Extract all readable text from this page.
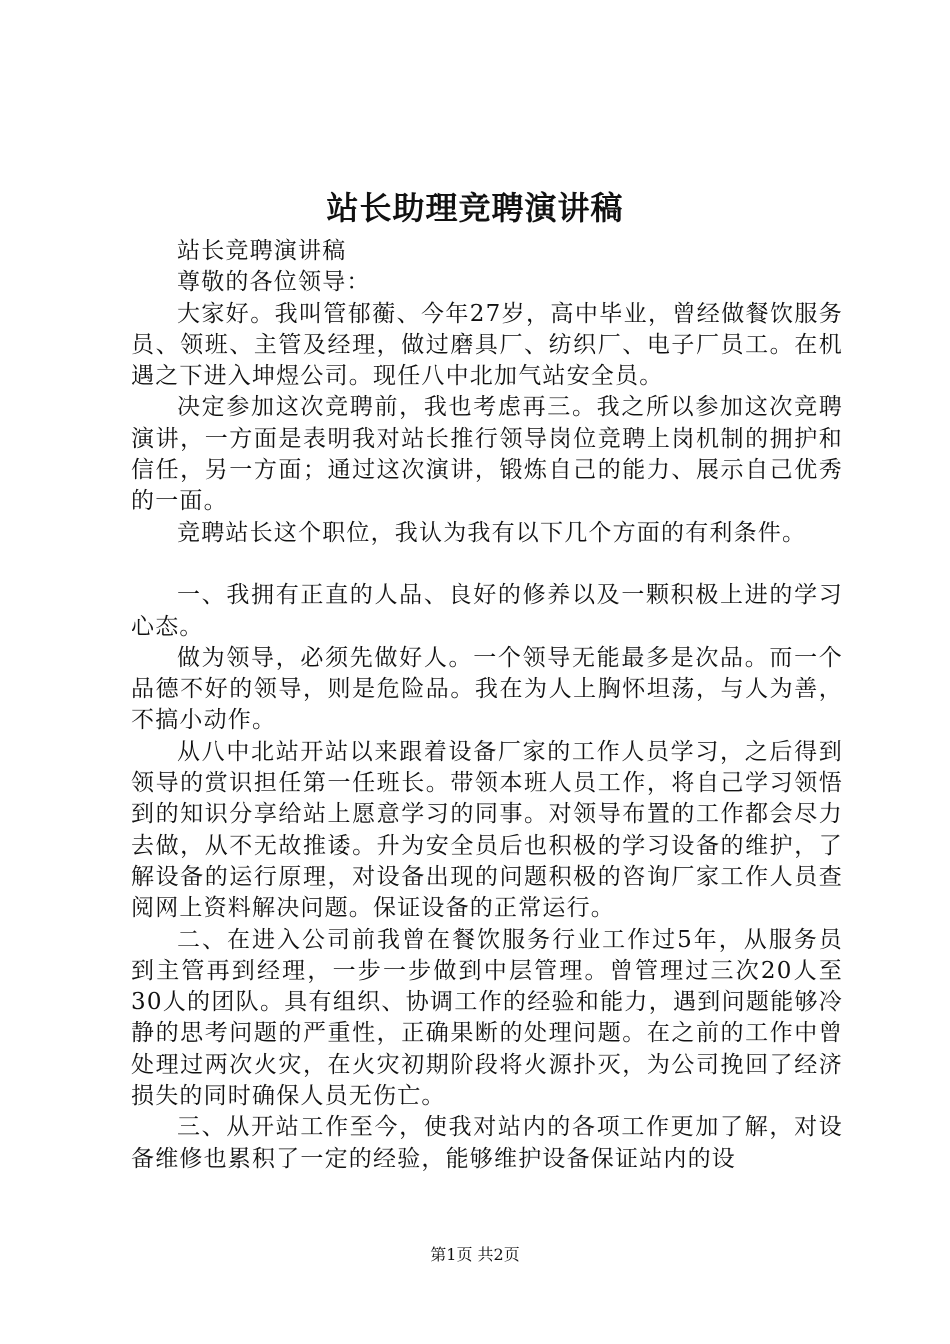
站长助理竞聘演讲稿

站长竞聘演讲稿

尊敬的各位领导：

大家好。我叫管郁蘅、今年27岁，高中毕业，曾经做餐饮服务员、领班、主管及经理，做过磨具厂、纺织厂、电子厂员工。在机遇之下进入坤煜公司。现任八中北加气站安全员。

决定参加这次竞聘前，我也考虑再三。我之所以参加这次竞聘演讲，一方面是表明我对站长推行领导岗位竞聘上岗机制的拥护和信任，另一方面；通过这次演讲，锻炼自己的能力、展示自己优秀的一面。

竞聘站长这个职位，我认为我有以下几个方面的有利条件。

一、我拥有正直的人品、良好的修养以及一颗积极上进的学习心态。

做为领导，必须先做好人。一个领导无能最多是次品。而一个品德不好的领导，则是危险品。我在为人上胸怀坦荡，与人为善，不搞小动作。

从八中北站开站以来跟着设备厂家的工作人员学习，之后得到领导的赏识担任第一任班长。带领本班人员工作，将自己学习领悟到的知识分享给站上愿意学习的同事。对领导布置的工作都会尽力去做，从不无故推诿。升为安全员后也积极的学习设备的维护，了解设备的运行原理，对设备出现的问题积极的咨询厂家工作人员查阅网上资料解决问题。保证设备的正常运行。

二、在进入公司前我曾在餐饮服务行业工作过5年，从服务员到主管再到经理，一步一步做到中层管理。曾管理过三次20人至30人的团队。具有组织、协调工作的经验和能力，遇到问题能够冷静的思考问题的严重性，正确果断的处理问题。在之前的工作中曾处理过两次火灾，在火灾初期阶段将火源扑灭，为公司挽回了经济损失的同时确保人员无伤亡。

三、从开站工作至今，使我对站内的各项工作更加了解，对设备维修也累积了一定的经验，能够维护设备保证站内的设

第1页 共2页
